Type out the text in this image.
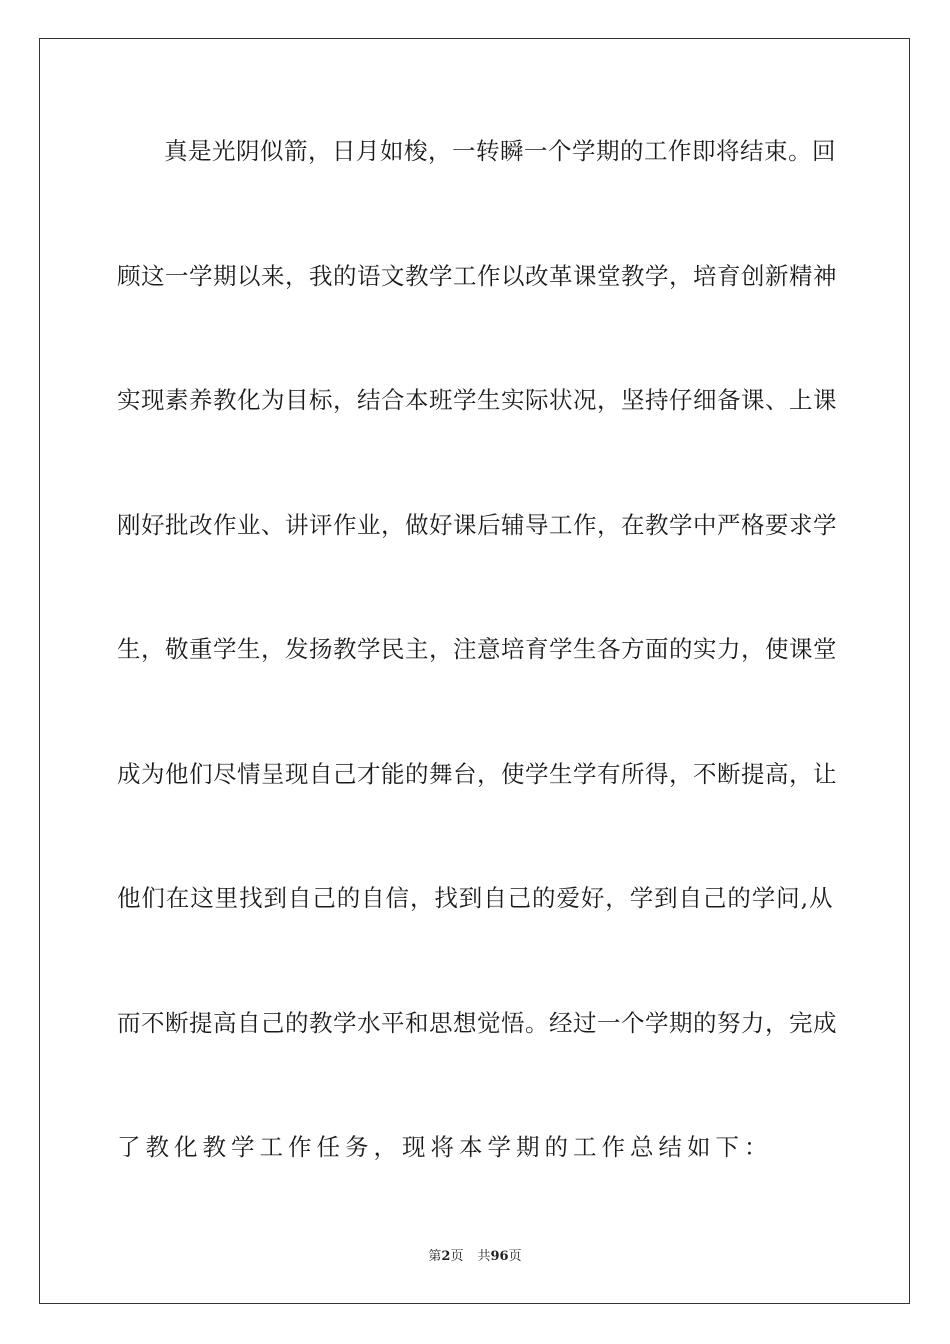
真是光阴似箭，日月如梭，一转瞬一个学期的工作即将结束。回
顾这一学期以来，我的语文教学工作以改革课堂教学，培育创新精神
实现素养教化为目标，结合本班学生实际状况，坚持仔细备课、上课
刚好批改作业、讲评作业，做好课后辅导工作，在教学中严格要求学
生，敬重学生，发扬教学民主，注意培育学生各方面的实力，使课堂
成为他们尽情呈现自己才能的舞台，使学生学有所得，不断提高，让
他们在这里找到自己的自信，找到自己的爱好，学到自己的学问,从
而不断提高自己的教学水平和思想觉悟。经过一个学期的努力，完成
了教化教学工作任务，现将本学期的工作总结如下：
第2页 共96页
